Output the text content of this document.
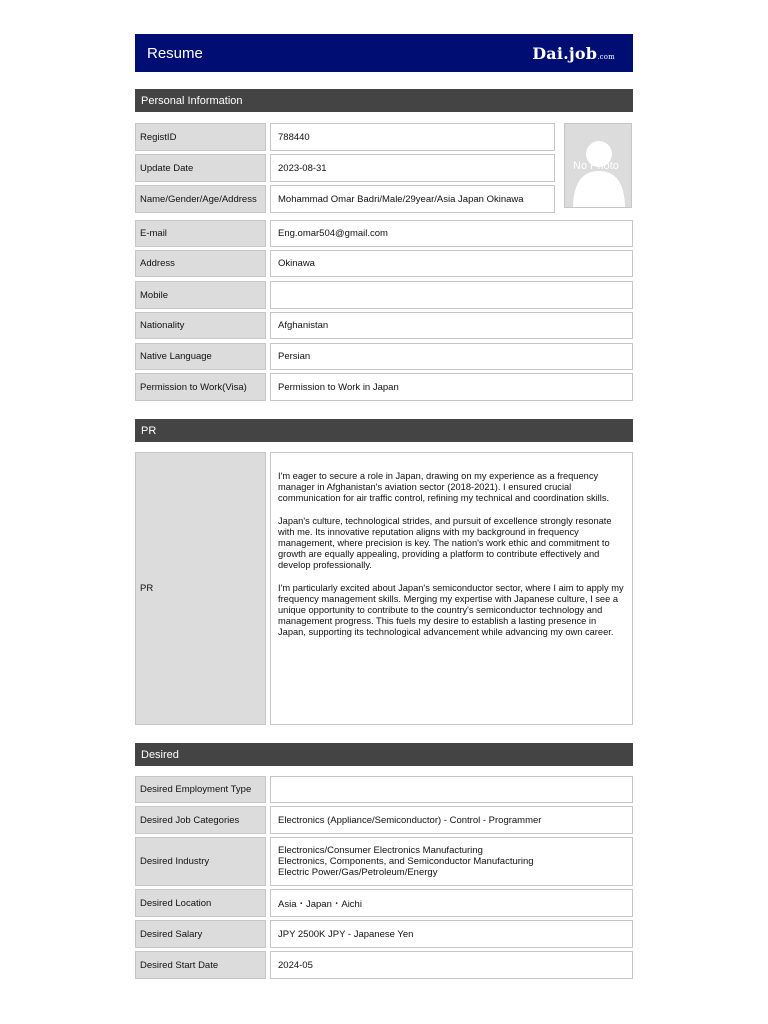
Resume	Dai.job.com
Personal Information
RegistID	788440
Update Date	2023-08-31
Name/Gender/Age/Address	Mohammad Omar Badri/Male/29year/Asia Japan Okinawa
No Photo
E-mail	Eng.omar504@gmail.com
Address	Okinawa
Mobile
Nationality	Afghanistan
Native Language	Persian
Permission to Work(Visa)	Permission to Work in Japan
PR
PR

I'm eager to secure a role in Japan, drawing on my experience as a frequency manager in Afghanistan's aviation sector (2018-2021). I ensured crucial communication for air traffic control, refining my technical and coordination skills.

Japan's culture, technological strides, and pursuit of excellence strongly resonate with me. Its innovative reputation aligns with my background in frequency management, where precision is key. The nation's work ethic and commitment to growth are equally appealing, providing a platform to contribute effectively and develop professionally.

I'm particularly excited about Japan's semiconductor sector, where I aim to apply my frequency management skills. Merging my expertise with Japanese culture, I see a unique opportunity to contribute to the country's semiconductor technology and management progress. This fuels my desire to establish a lasting presence in Japan, supporting its technological advancement while advancing my own career.

Desired
Desired Employment Type
Desired Job Categories	Electronics (Appliance/Semiconductor) - Control - Programmer
Desired Industry
Electronics/Consumer Electronics Manufacturing
Electronics, Components, and Semiconductor Manufacturing
Electric Power/Gas/Petroleum/Energy
Desired Location	Asia・Japan・Aichi
Desired Salary	JPY 2500K JPY - Japanese Yen
Desired Start Date	2024-05
